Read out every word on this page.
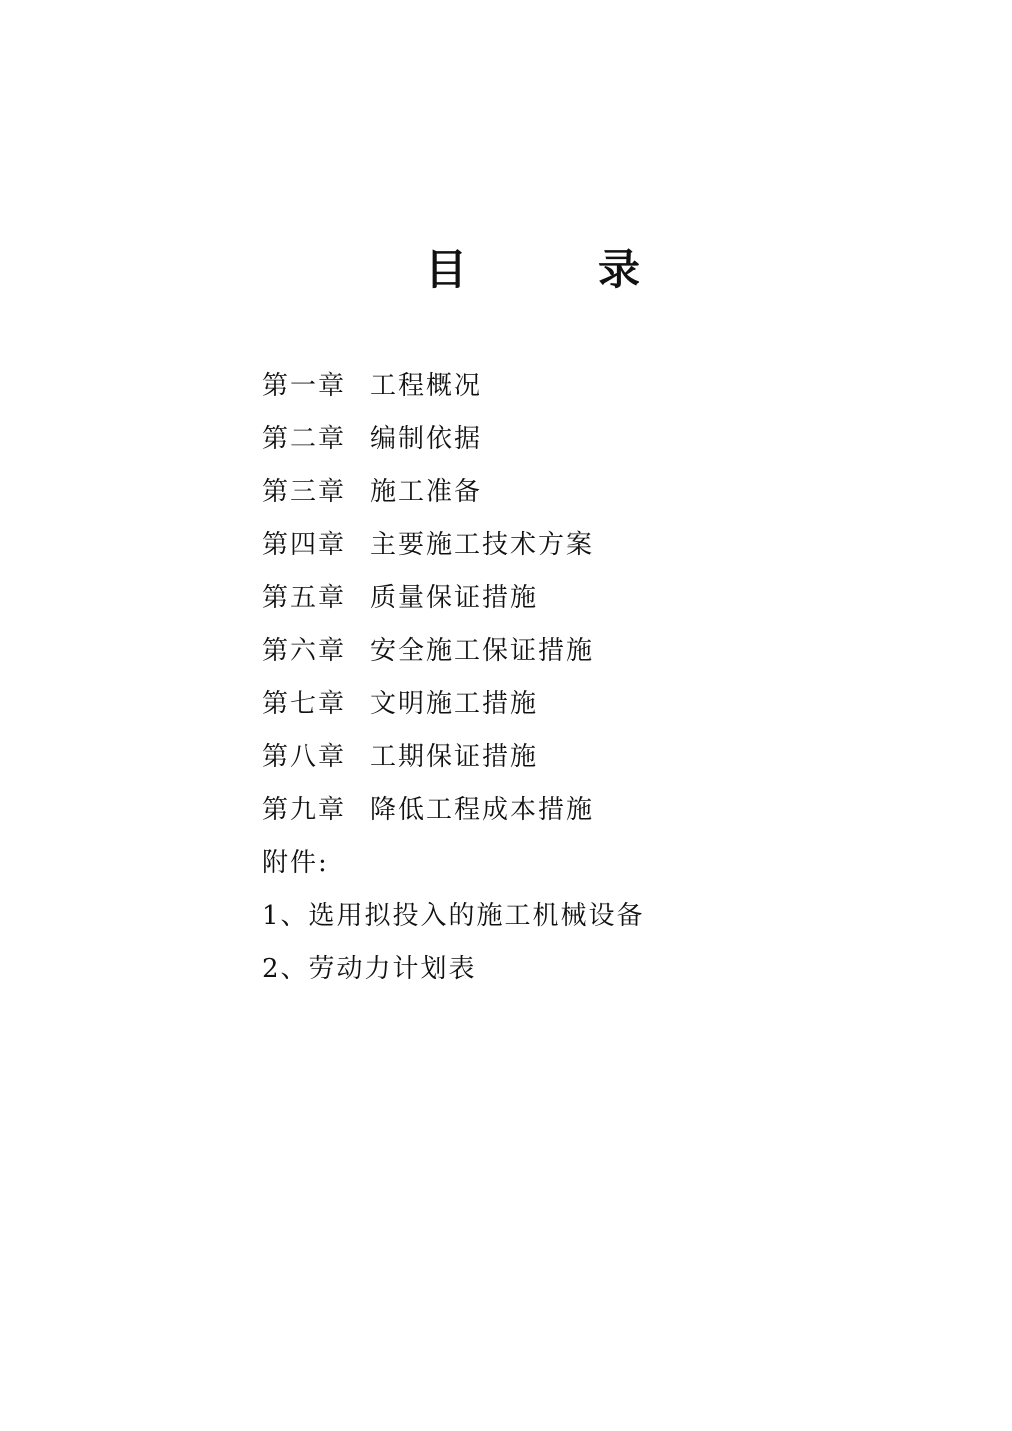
目	录
第一章 工程概况
第二章 编制依据
第三章 施工准备
第四章 主要施工技术方案
第五章 质量保证措施
第六章 安全施工保证措施
第七章 文明施工措施
第八章 工期保证措施
第九章 降低工程成本措施
附件:
1、选用拟投入的施工机械设备
2、劳动力计划表
